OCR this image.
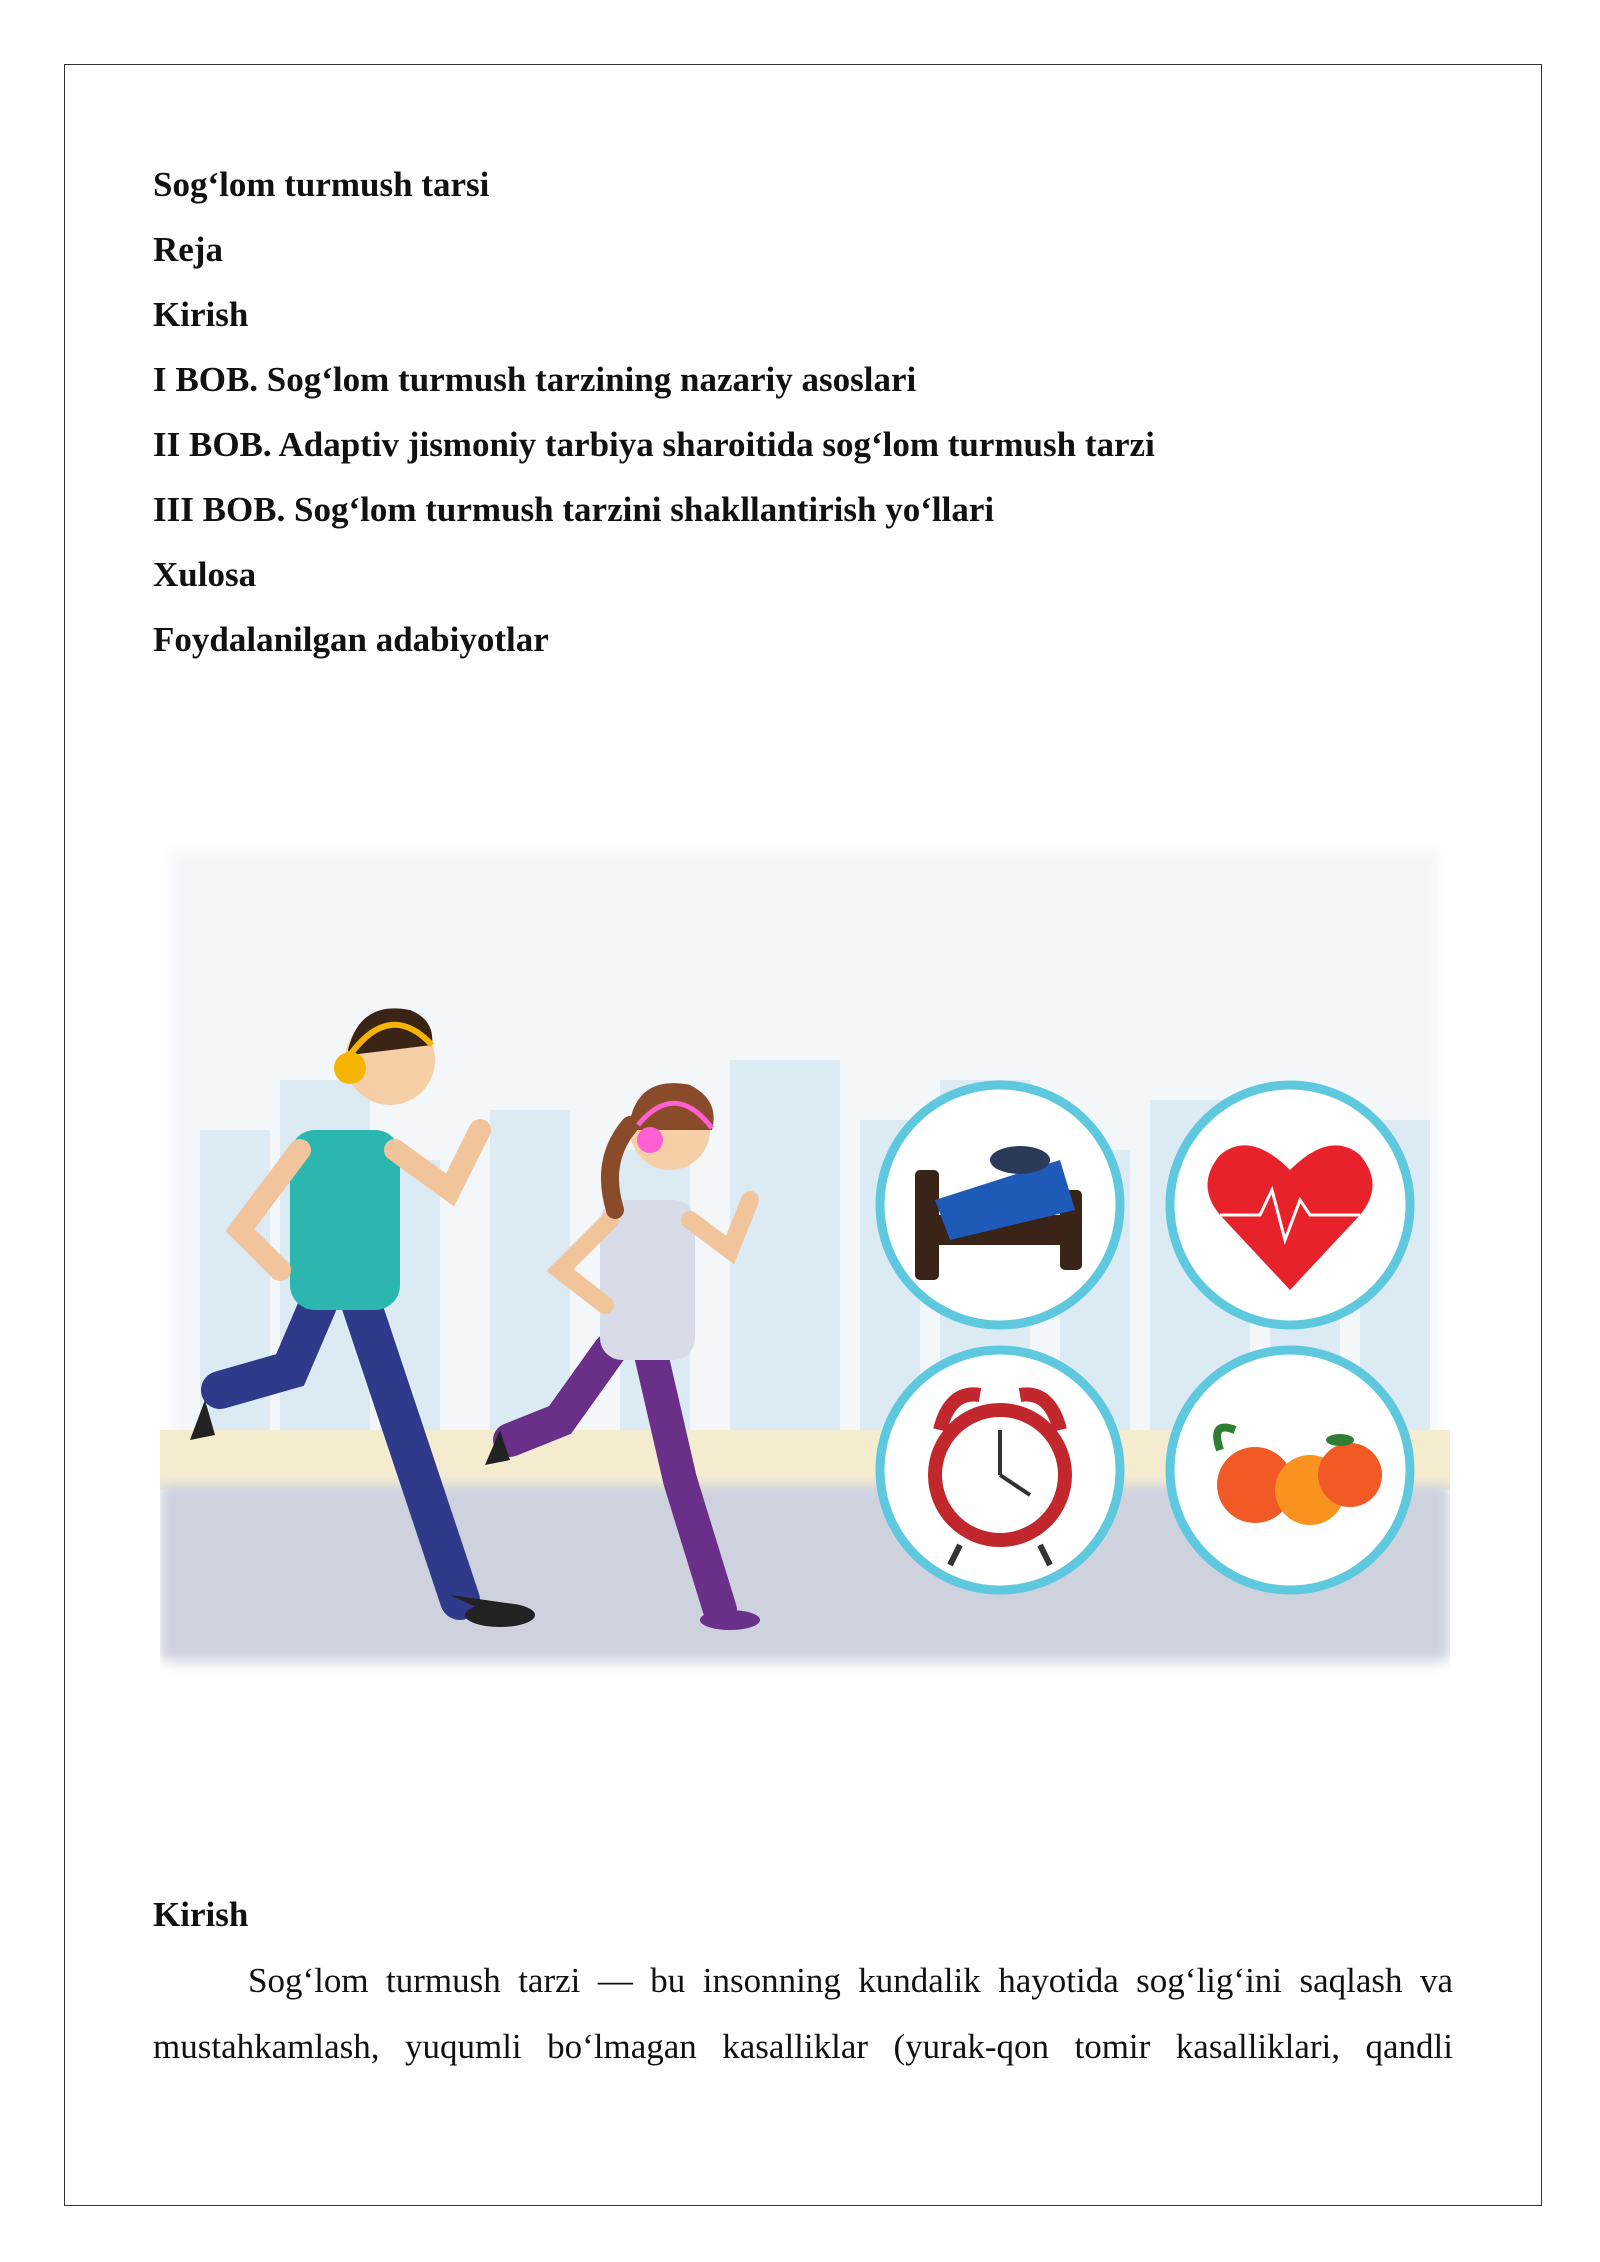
Sog‘lom turmush tarsi
Reja
Kirish
I BOB. Sog‘lom turmush tarzining nazariy asoslari
II BOB. Adaptiv jismoniy tarbiya sharoitida sog‘lom turmush tarzi
III BOB. Sog‘lom turmush tarzini shakllantirish yo‘llari
Xulosa
Foydalanilgan adabiyotlar
Kirish
Sog‘lom turmush tarzi — bu insonning kundalik hayotida sog‘lig‘ini saqlash va mustahkamlash, yuqumli bo‘lmagan kasalliklar (yurak-qon tomir kasalliklari, qandli
